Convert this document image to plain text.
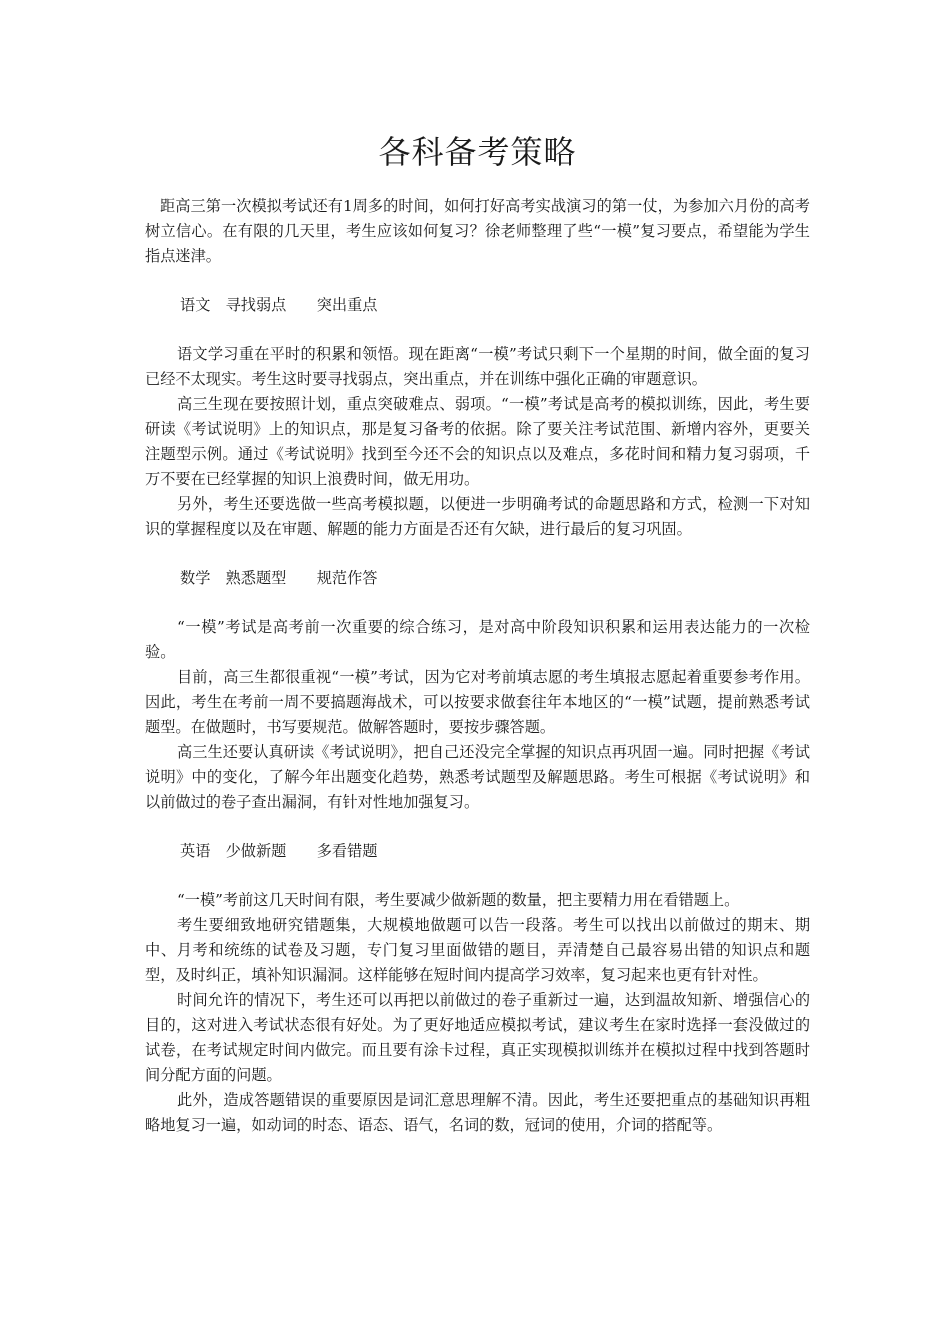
各科备考策略

距高三第一次模拟考试还有1周多的时间，如何打好高考实战演习的第一仗，为参加六月份的高考树立信心。在有限的几天里，考生应该如何复习？徐老师整理了些“一模”复习要点，希望能为学生指点迷津。

语文　寻找弱点　　突出重点

语文学习重在平时的积累和领悟。现在距离“一模”考试只剩下一个星期的时间，做全面的复习已经不太现实。考生这时要寻找弱点，突出重点，并在训练中强化正确的审题意识。

高三生现在要按照计划，重点突破难点、弱项。“一模”考试是高考的模拟训练，因此，考生要研读《考试说明》上的知识点，那是复习备考的依据。除了要关注考试范围、新增内容外，更要关注题型示例。通过《考试说明》找到至今还不会的知识点以及难点，多花时间和精力复习弱项，千万不要在已经掌握的知识上浪费时间，做无用功。

另外，考生还要选做一些高考模拟题，以便进一步明确考试的命题思路和方式，检测一下对知识的掌握程度以及在审题、解题的能力方面是否还有欠缺，进行最后的复习巩固。

数学　熟悉题型　　规范作答

“一模”考试是高考前一次重要的综合练习，是对高中阶段知识积累和运用表达能力的一次检验。

目前，高三生都很重视“一模”考试，因为它对考前填志愿的考生填报志愿起着重要参考作用。因此，考生在考前一周不要搞题海战术，可以按要求做套往年本地区的“一模”试题，提前熟悉考试题型。在做题时，书写要规范。做解答题时，要按步骤答题。

高三生还要认真研读《考试说明》，把自己还没完全掌握的知识点再巩固一遍。同时把握《考试说明》中的变化，了解今年出题变化趋势，熟悉考试题型及解题思路。考生可根据《考试说明》和以前做过的卷子查出漏洞，有针对性地加强复习。

英语　少做新题　　多看错题

“一模”考前这几天时间有限，考生要减少做新题的数量，把主要精力用在看错题上。

考生要细致地研究错题集，大规模地做题可以告一段落。考生可以找出以前做过的期末、期中、月考和统练的试卷及习题，专门复习里面做错的题目，弄清楚自己最容易出错的知识点和题型，及时纠正，填补知识漏洞。这样能够在短时间内提高学习效率，复习起来也更有针对性。

时间允许的情况下，考生还可以再把以前做过的卷子重新过一遍，达到温故知新、增强信心的目的，这对进入考试状态很有好处。为了更好地适应模拟考试，建议考生在家时选择一套没做过的试卷，在考试规定时间内做完。而且要有涂卡过程，真正实现模拟训练并在模拟过程中找到答题时间分配方面的问题。

此外，造成答题错误的重要原因是词汇意思理解不清。因此，考生还要把重点的基础知识再粗略地复习一遍，如动词的时态、语态、语气，名词的数，冠词的使用，介词的搭配等。
